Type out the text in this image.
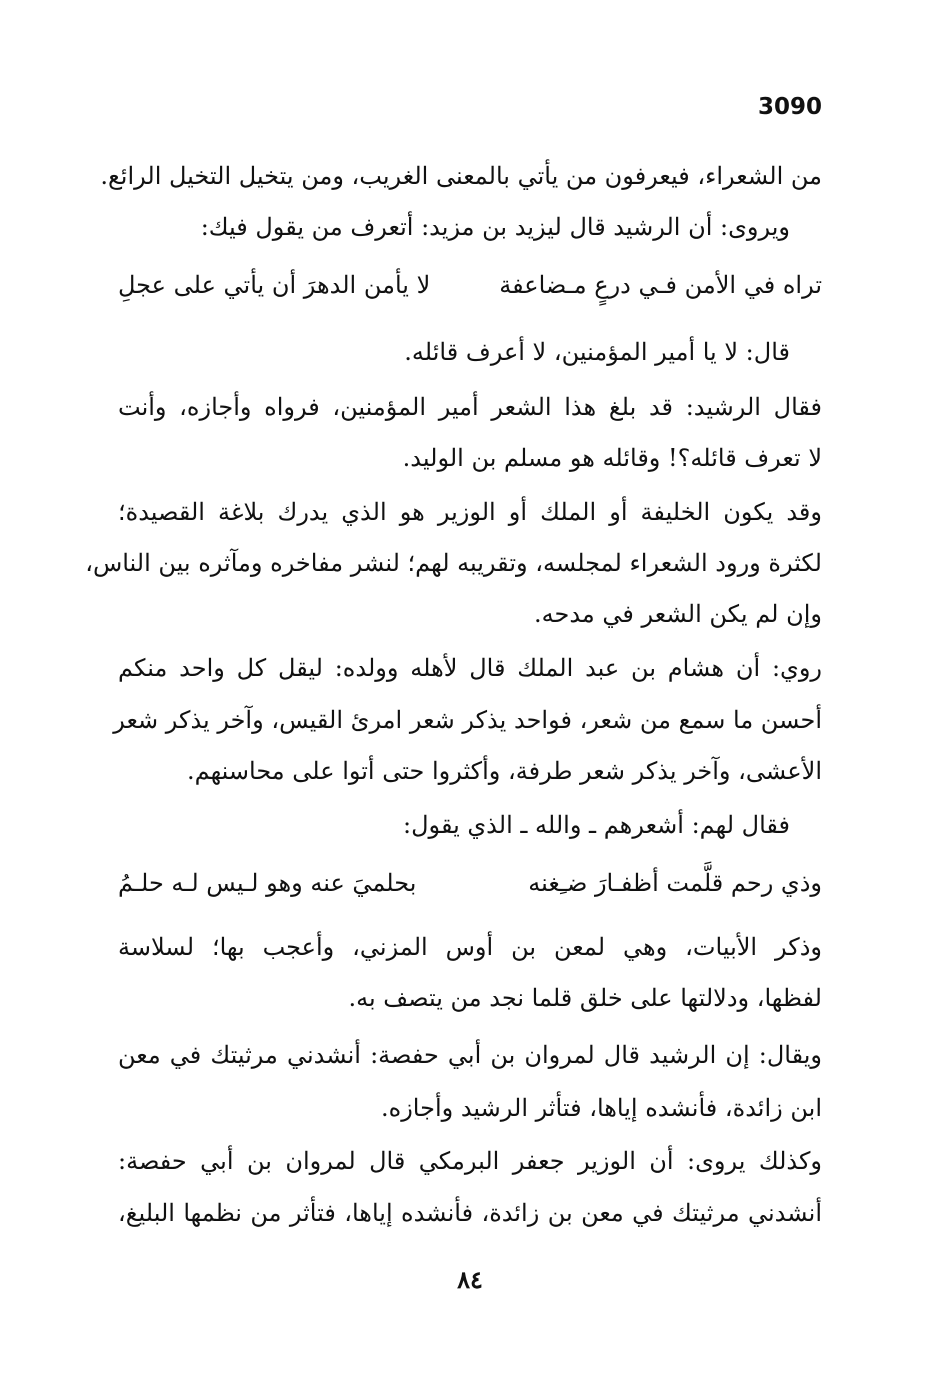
3090
من الشعراء، فيعرفون من يأتي بالمعنى الغريب، ومن يتخيل التخيل الرائع.
ويروى: أن الرشيد قال ليزيد بن مزيد: أتعرف من يقول فيك:
تراه في الأمن فـي درعٍ مـضاعفة
لا يأمن الدهرَ أن يأتي على عجلِ
قال: لا يا أمير المؤمنين، لا أعرف قائله.
فقال الرشيد: قد بلغ هذا الشعر أمير المؤمنين، فرواه وأجازه، وأنت
لا تعرف قائله؟! وقائله هو مسلم بن الوليد.
وقد يكون الخليفة أو الملك أو الوزير هو الذي يدرك بلاغة القصيدة؛
لكثرة ورود الشعراء لمجلسه، وتقريبه لهم؛ لنشر مفاخره ومآثره بين الناس،
وإن لم يكن الشعر في مدحه.
روي: أن هشام بن عبد الملك قال لأهله وولده: ليقل كل واحد منكم
أحسن ما سمع من شعر، فواحد يذكر شعر امرئ القيس، وآخر يذكر شعر
الأعشى، وآخر يذكر شعر طرفة، وأكثروا حتى أتوا على محاسنهم.
فقال لهم: أشعرهم ـ والله ـ الذي يقول:
وذي رحم قلَّمت أظفـارَ ضـِغنه
بحلميَ عنه وهو لـيس لـه حلـمُ
وذكر الأبيات، وهي لمعن بن أوس المزني، وأعجب بها؛ لسلاسة
لفظها، ودلالتها على خلق قلما نجد من يتصف به.
ويقال: إن الرشيد قال لمروان بن أبي حفصة: أنشدني مرثيتك في معن
ابن زائدة، فأنشده إياها، فتأثر الرشيد وأجازه.
وكذلك يروى: أن الوزير جعفر البرمكي قال لمروان بن أبي حفصة:
أنشدني مرثيتك في معن بن زائدة، فأنشده إياها، فتأثر من نظمها البليغ،
٨٤
